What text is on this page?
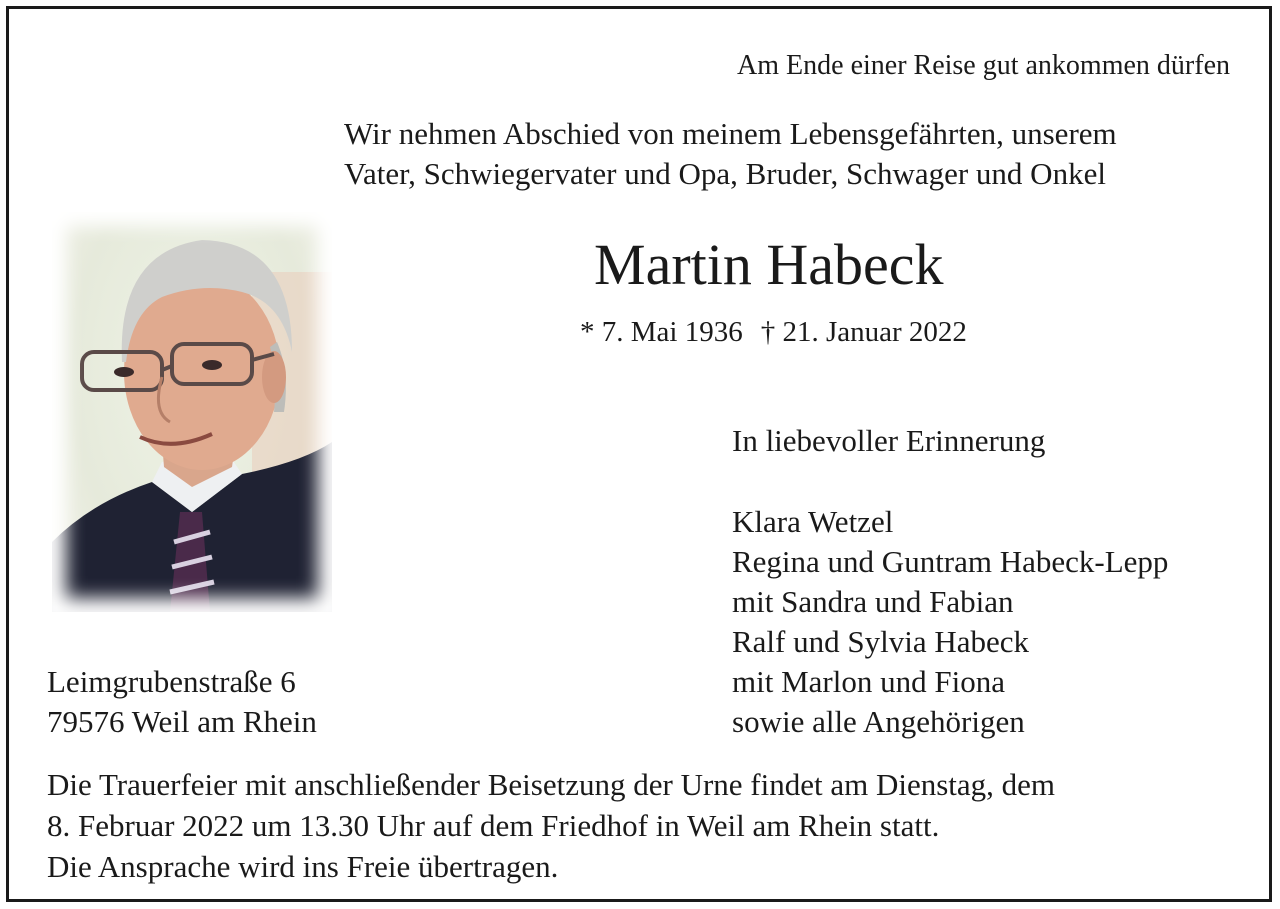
Am Ende einer Reise gut ankommen dürfen
Wir nehmen Abschied von meinem Lebensgefährten, unserem
Vater, Schwiegervater und Opa, Bruder, Schwager und Onkel
Martin Habeck
* 7. Mai 1936 † 21. Januar 2022
In liebevoller Erinnerung
Klara Wetzel
Regina und Guntram Habeck-Lepp
mit Sandra und Fabian
Ralf und Sylvia Habeck
mit Marlon und Fiona
sowie alle Angehörigen
Leimgrubenstraße 6
79576 Weil am Rhein
Die Trauerfeier mit anschließender Beisetzung der Urne findet am Dienstag, dem
8. Februar 2022 um 13.30 Uhr auf dem Friedhof in Weil am Rhein statt.
Die Ansprache wird ins Freie übertragen.
